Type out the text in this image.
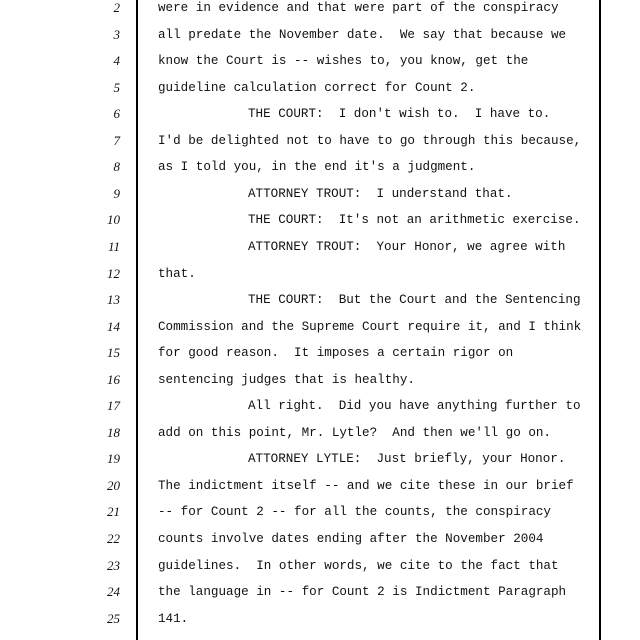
2
3
4
5
6
7
8
9
10
11
12
13
14
15
16
17
18
19
20
21
22
23
24
25
were in evidence and that were part of the conspiracy
all predate the November date.  We say that because we
know the Court is -- wishes to, you know, get the
guideline calculation correct for Count 2.
THE COURT:  I don't wish to.  I have to.
I'd be delighted not to have to go through this because,
as I told you, in the end it's a judgment.
ATTORNEY TROUT:  I understand that.
THE COURT:  It's not an arithmetic exercise.
ATTORNEY TROUT:  Your Honor, we agree with
that.
THE COURT:  But the Court and the Sentencing
Commission and the Supreme Court require it, and I think
for good reason.  It imposes a certain rigor on
sentencing judges that is healthy.
All right.  Did you have anything further to
add on this point, Mr. Lytle?  And then we'll go on.
ATTORNEY LYTLE:  Just briefly, your Honor.
The indictment itself -- and we cite these in our brief
-- for Count 2 -- for all the counts, the conspiracy
counts involve dates ending after the November 2004
guidelines.  In other words, we cite to the fact that
the language in -- for Count 2 is Indictment Paragraph
141.
